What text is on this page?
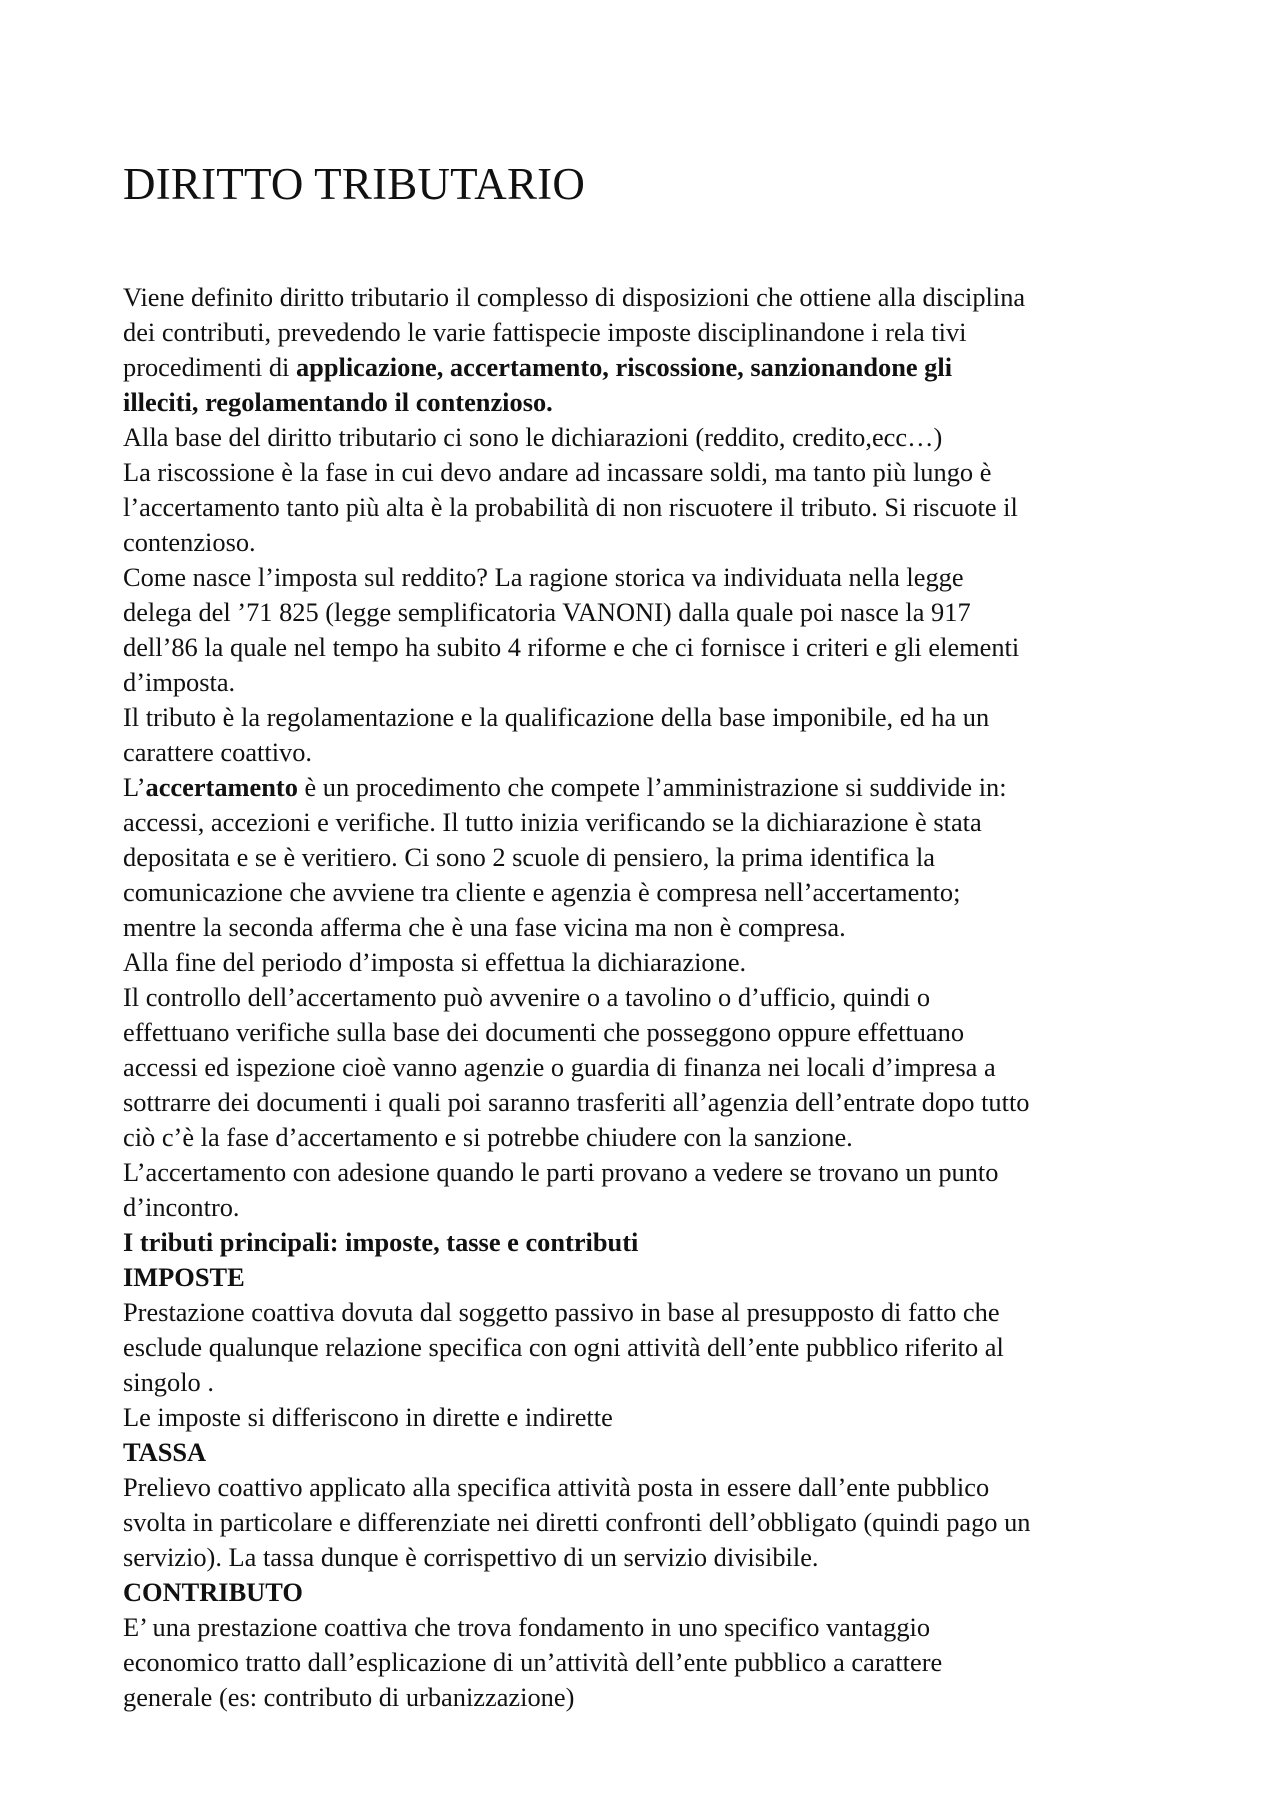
DIRITTO TRIBUTARIO
Viene definito diritto tributario il complesso di disposizioni che ottiene alla disciplina
dei contributi, prevedendo le varie fattispecie imposte disciplinandone i rela tivi
procedimenti di applicazione, accertamento, riscossione, sanzionandone gli
illeciti, regolamentando il contenzioso.
Alla base del diritto tributario ci sono le dichiarazioni (reddito, credito,ecc…)
La riscossione è la fase in cui devo andare ad incassare soldi, ma tanto più lungo è
l’accertamento tanto più alta è la probabilità di non riscuotere il tributo. Si riscuote il
contenzioso.
Come nasce l’imposta sul reddito? La ragione storica va individuata nella legge
delega del ’71 825 (legge semplificatoria VANONI) dalla quale poi nasce la 917
dell’86 la quale nel tempo ha subito 4 riforme e che ci fornisce i criteri e gli elementi
d’imposta.
Il tributo è la regolamentazione e la qualificazione della base imponibile, ed ha un
carattere coattivo.
L’accertamento è un procedimento che compete l’amministrazione si suddivide in:
accessi, accezioni e verifiche. Il tutto inizia verificando se la dichiarazione è stata
depositata e se è veritiero. Ci sono 2 scuole di pensiero, la prima identifica la
comunicazione che avviene tra cliente e agenzia è compresa nell’accertamento;
mentre la seconda afferma che è una fase vicina ma non è compresa.
Alla fine del periodo d’imposta si effettua la dichiarazione.
Il controllo dell’accertamento può avvenire o a tavolino o d’ufficio, quindi o
effettuano verifiche sulla base dei documenti che posseggono oppure effettuano
accessi ed ispezione cioè vanno agenzie o guardia di finanza nei locali d’impresa a
sottrarre dei documenti i quali poi saranno trasferiti all’agenzia dell’entrate dopo tutto
ciò c’è la fase d’accertamento e si potrebbe chiudere con la sanzione.
L’accertamento con adesione quando le parti provano a vedere se trovano un punto
d’incontro.
I tributi principali: imposte, tasse e contributi
IMPOSTE
Prestazione coattiva dovuta dal soggetto passivo in base al presupposto di fatto che
esclude qualunque relazione specifica con ogni attività dell’ente pubblico riferito al
singolo .
Le imposte si differiscono in dirette e indirette
TASSA
Prelievo coattivo applicato alla specifica attività posta in essere dall’ente pubblico
svolta in particolare e differenziate nei diretti confronti dell’obbligato (quindi pago un
servizio). La tassa dunque è corrispettivo di un servizio divisibile.
CONTRIBUTO
E’ una prestazione coattiva che trova fondamento in uno specifico vantaggio
economico tratto dall’esplicazione di un’attività dell’ente pubblico a carattere
generale (es: contributo di urbanizzazione)
